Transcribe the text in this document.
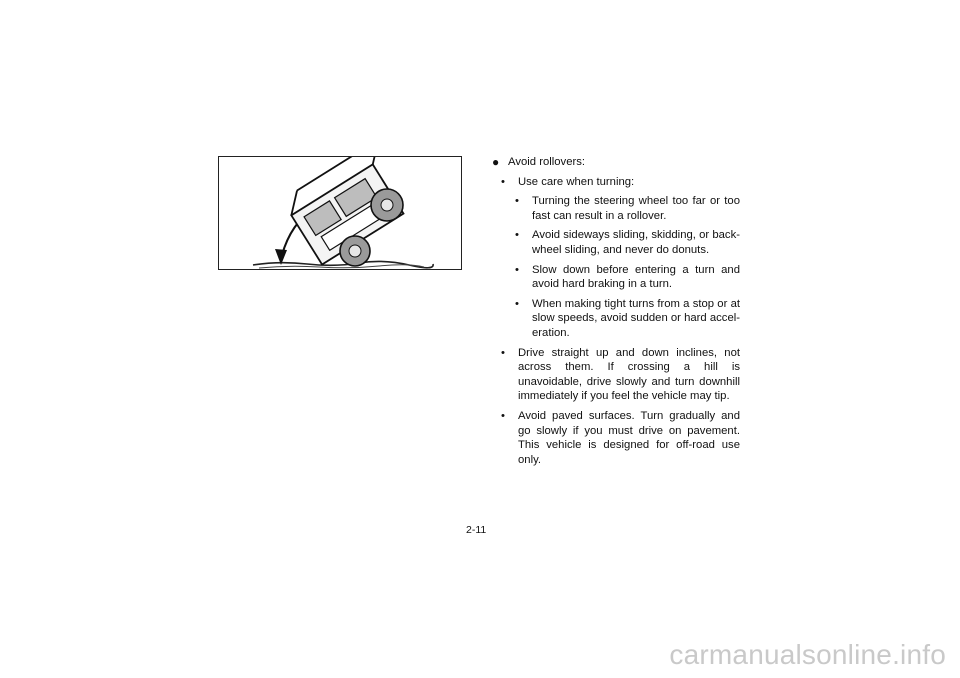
● Avoid rollovers:
• Use care when turning:
• Turning the steering wheel too far or too fast can result in a rollover.
• Avoid sideways sliding, skidding, or back-wheel sliding, and never do donuts.
• Slow down before entering a turn and avoid hard braking in a turn.
• When making tight turns from a stop or at slow speeds, avoid sudden or hard accel-eration.
• Drive straight up and down inclines, not across them. If crossing a hill is unavoidable, drive slowly and turn downhill immediately if you feel the vehicle may tip.
• Avoid paved surfaces. Turn gradually and go slowly if you must drive on pavement. This vehicle is designed for off-road use only.
2-11
carmanualsonline.info
